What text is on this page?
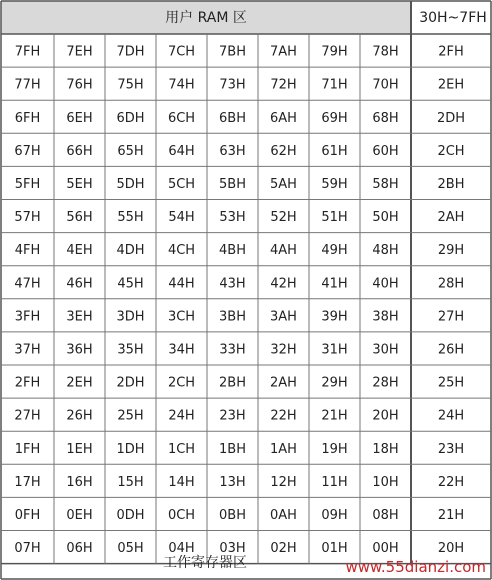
用户 RAM 区	30H~7FH
7FH 7EH 7DH 7CH 7BH 7AH 79H 78H
77H 76H 75H 74H 73H 72H 71H 70H
6FH 6EH 6DH 6CH 6BH 6AH 69H 68H
67H 66H 65H 64H 63H 62H 61H 60H
5FH 5EH 5DH 5CH 5BH 5AH 59H 58H
57H 56H 55H 54H 53H 52H 51H 50H
4FH 4EH 4DH 4CH 4BH 4AH 49H 48H
47H 46H 45H 44H 43H 42H 41H 40H
3FH 3EH 3DH 3CH 3BH 3AH 39H 38H
37H 36H 35H 34H 33H 32H 31H 30H
2FH 2EH 2DH 2CH 2BH 2AH 29H 28H
27H 26H 25H 24H 23H 22H 21H 20H
1FH 1EH 1DH 1CH 1BH 1AH 19H 18H
17H 16H 15H 14H 13H 12H 11H 10H
0FH 0EH 0DH 0CH 0BH 0AH 09H 08H
07H 06H 05H 04H 03H 02H 01H 00H
2FH
2EH
2DH
2CH
2BH
2AH
29H
28H
27H
26H
25H
24H
23H
22H
21H
20H
工作寄存器区	www.55dianzi.com
